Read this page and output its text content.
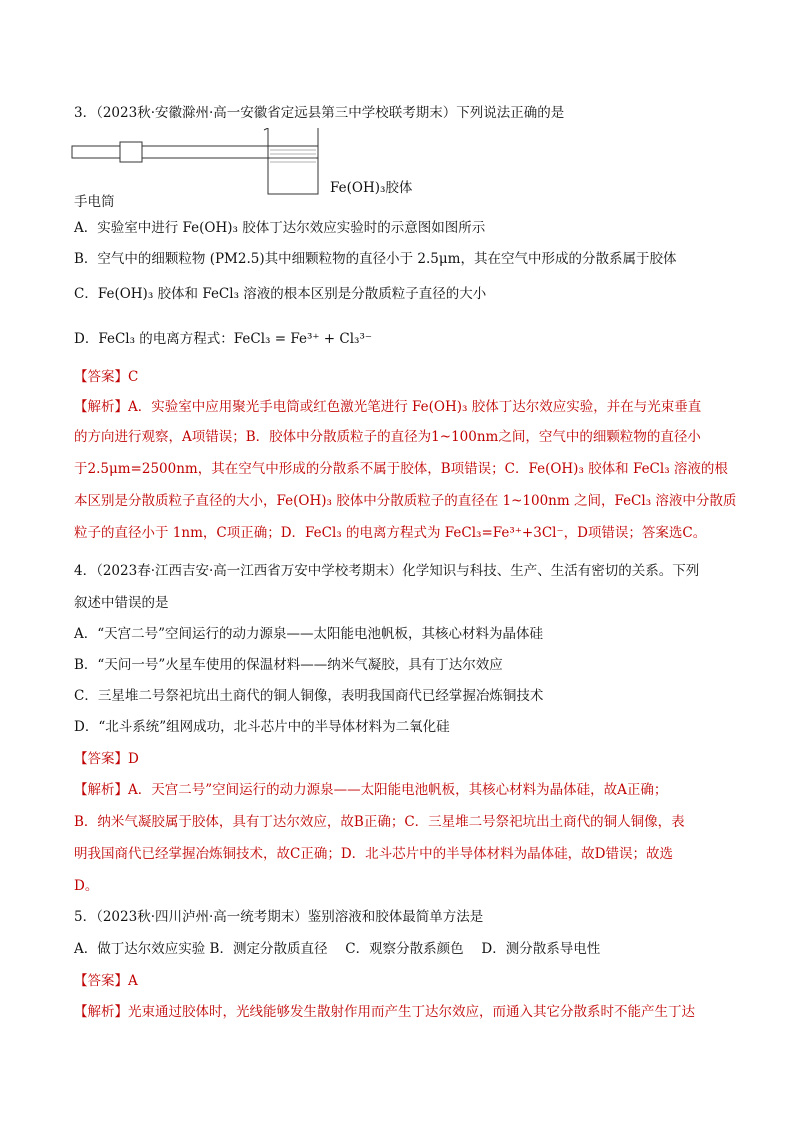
3．（2023秋·安徽滁州·高一安徽省定远县第三中学校联考期末）下列说法正确的是
手电筒
Fe(OH)₃胶体
A．实验室中进行 Fe(OH)₃ 胶体丁达尔效应实验时的示意图如图所示
B．空气中的细颗粒物 (PM2.5)其中细颗粒物的直径小于 2.5μm，其在空气中形成的分散系属于胶体
C．Fe(OH)₃ 胶体和 FeCl₃ 溶液的根本区别是分散质粒子直径的大小
D．FeCl₃ 的电离方程式：FeCl₃ = Fe³⁺ + Cl₃³⁻
【答案】C
【解析】A．实验室中应用聚光手电筒或红色激光笔进行 Fe(OH)₃ 胶体丁达尔效应实验，并在与光束垂直
的方向进行观察，A项错误；B．胶体中分散质粒子的直径为1~100nm之间，空气中的细颗粒物的直径小
于2.5μm=2500nm，其在空气中形成的分散系不属于胶体，B项错误；C．Fe(OH)₃ 胶体和 FeCl₃ 溶液的根
本区别是分散质粒子直径的大小，Fe(OH)₃ 胶体中分散质粒子的直径在 1~100nm 之间，FeCl₃ 溶液中分散质
粒子的直径小于 1nm，C项正确；D．FeCl₃ 的电离方程式为 FeCl₃=Fe³⁺+3Cl⁻，D项错误；答案选C。
4．（2023春·江西吉安·高一江西省万安中学校考期末）化学知识与科技、生产、生活有密切的关系。下列
叙述中错误的是
A．“天宫二号”空间运行的动力源泉——太阳能电池帆板，其核心材料为晶体硅
B．“天问一号”火星车使用的保温材料——纳米气凝胶，具有丁达尔效应
C．三星堆二号祭祀坑出土商代的铜人铜像，表明我国商代已经掌握冶炼铜技术
D．“北斗系统”组网成功，北斗芯片中的半导体材料为二氧化硅
【答案】D
【解析】A．天宫二号”空间运行的动力源泉——太阳能电池帆板，其核心材料为晶体硅，故A正确；
B．纳米气凝胶属于胶体，具有丁达尔效应，故B正确；C．三星堆二号祭祀坑出土商代的铜人铜像，表
明我国商代已经掌握冶炼铜技术，故C正确；D．北斗芯片中的半导体材料为晶体硅，故D错误；故选
D。
5．（2023秋·四川泸州·高一统考期末）鉴别溶液和胶体最简单方法是
A．做丁达尔效应实验 B．测定分散质直径　 C．观察分散系颜色　 D．测分散系导电性
【答案】A
【解析】光束通过胶体时，光线能够发生散射作用而产生丁达尔效应，而通入其它分散系时不能产生丁达
